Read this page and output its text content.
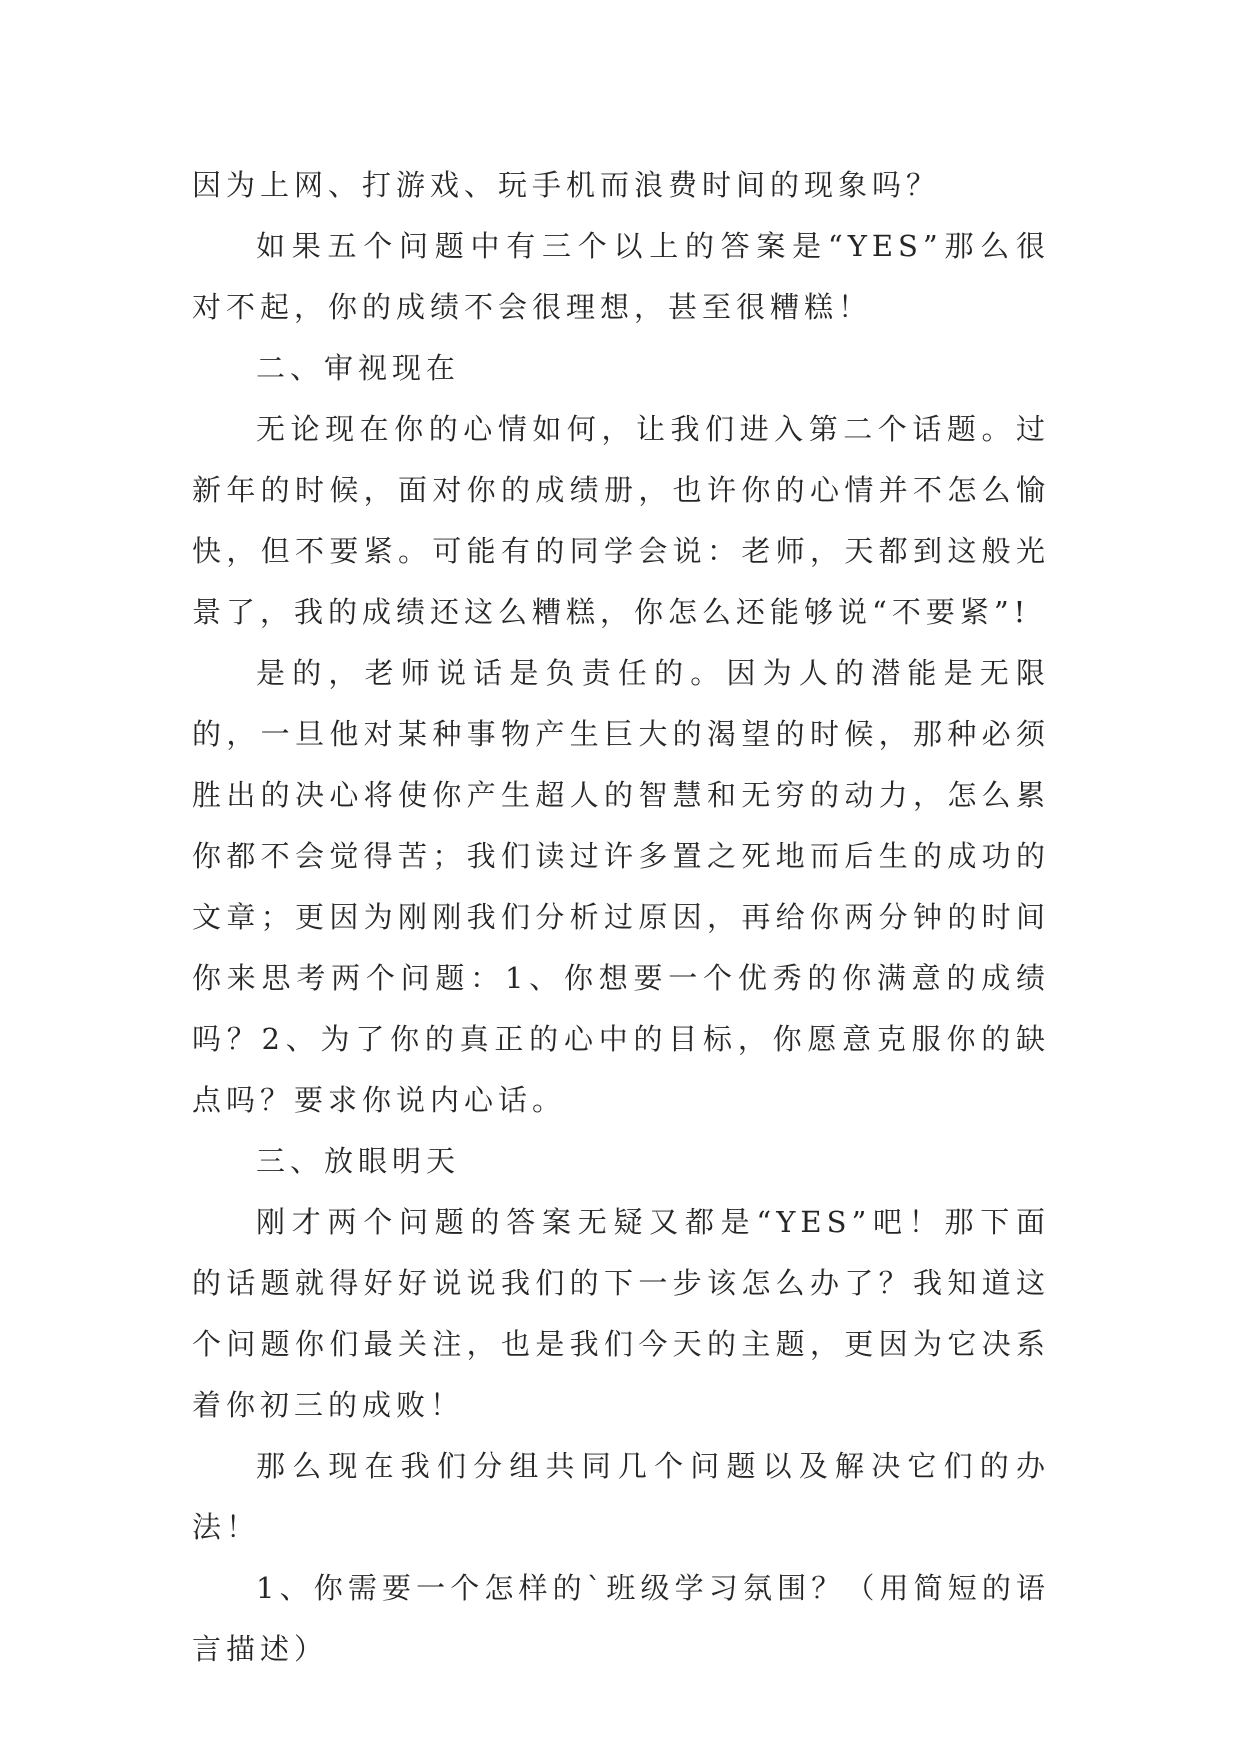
因为上网、打游戏、玩手机而浪费时间的现象吗？

如果五个问题中有三个以上的答案是“YES”那么很对不起，你的成绩不会很理想，甚至很糟糕！

二、审视现在

无论现在你的心情如何，让我们进入第二个话题。过新年的时候，面对你的成绩册，也许你的心情并不怎么愉快，但不要紧。可能有的同学会说：老师，天都到这般光景了，我的成绩还这么糟糕，你怎么还能够说“不要紧”!

是的，老师说话是负责任的。因为人的潜能是无限的，一旦他对某种事物产生巨大的渴望的时候，那种必须胜出的决心将使你产生超人的智慧和无穷的动力，怎么累你都不会觉得苦；我们读过许多置之死地而后生的成功的文章；更因为刚刚我们分析过原因，再给你两分钟的时间你来思考两个问题：1、你想要一个优秀的你满意的成绩吗？2、为了你的真正的心中的目标，你愿意克服你的缺点吗？要求你说内心话。

三、放眼明天

刚才两个问题的答案无疑又都是“YES”吧！那下面的话题就得好好说说我们的下一步该怎么办了？我知道这个问题你们最关注，也是我们今天的主题，更因为它决系着你初三的成败！

那么现在我们分组共同几个问题以及解决它们的办法！

1、你需要一个怎样的`班级学习氛围？（用简短的语言描述）
